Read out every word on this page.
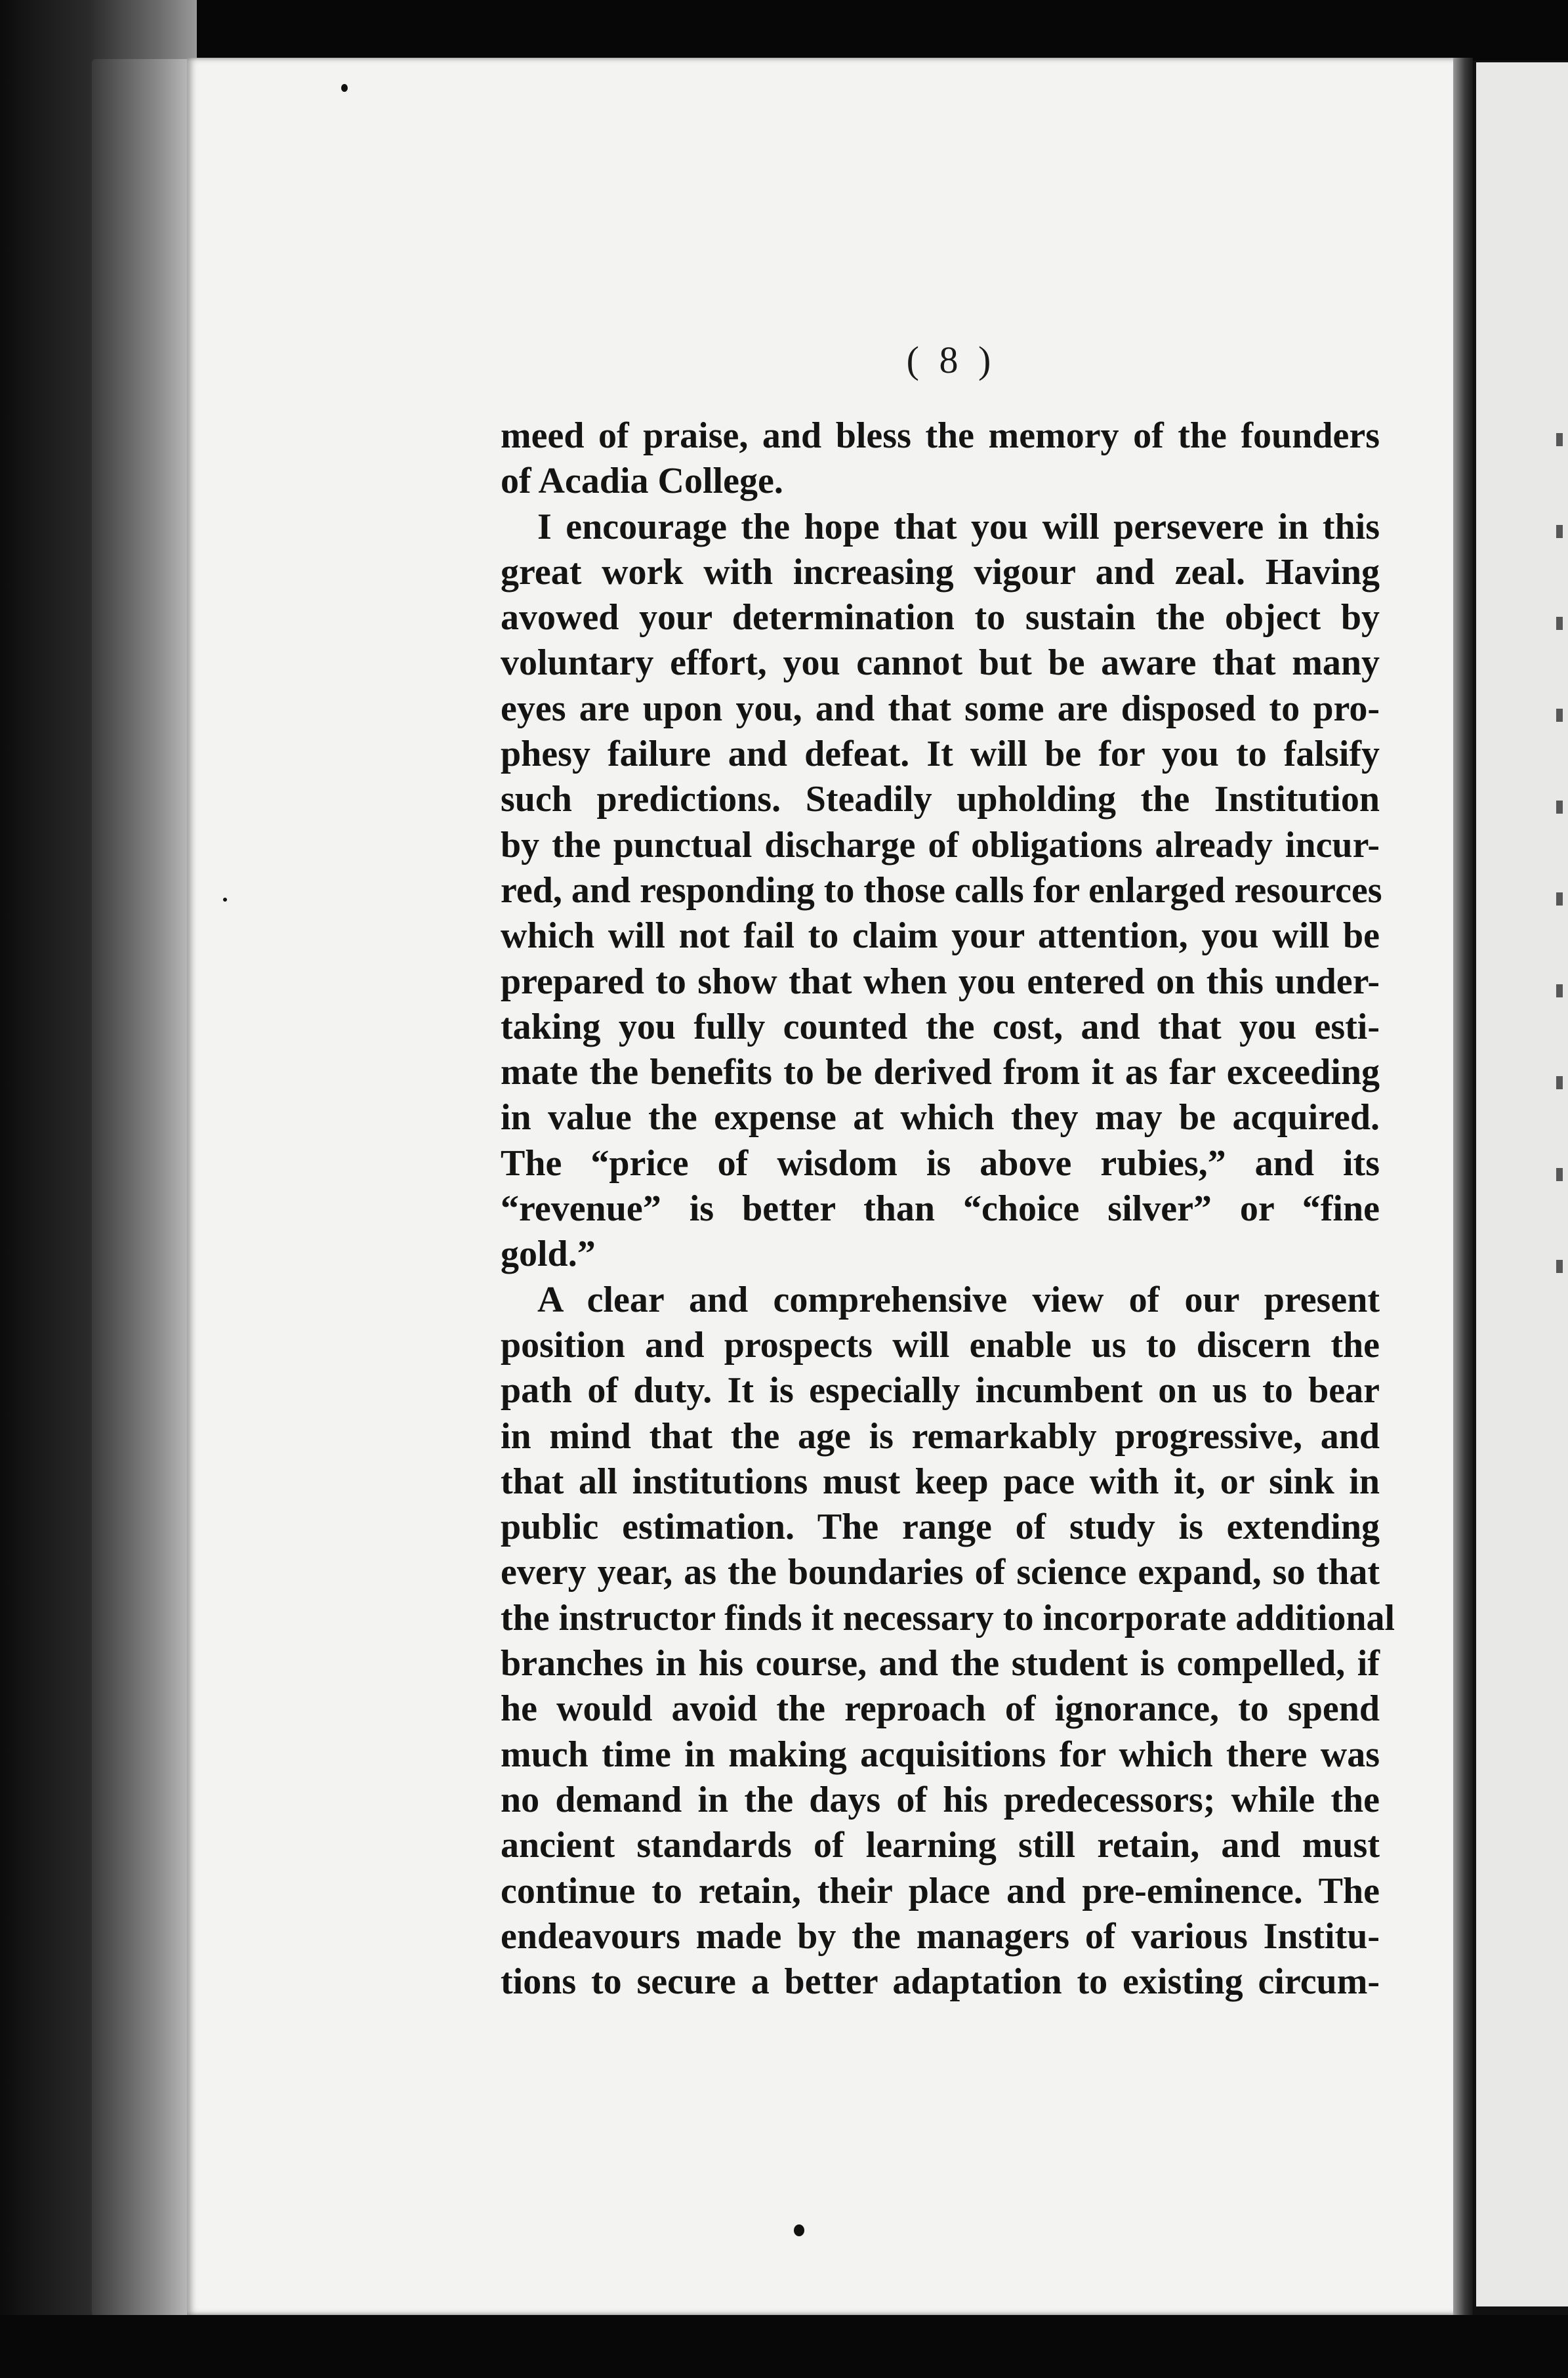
( 8 )
meed of praise, and bless the memory of the founders
of Acadia College.
I encourage the hope that you will persevere in this
great work with increasing vigour and zeal. Having
avowed your determination to sustain the object by
voluntary effort, you cannot but be aware that many
eyes are upon you, and that some are disposed to pro-
phesy failure and defeat. It will be for you to falsify
such predictions. Steadily upholding the Institution
by the punctual discharge of obligations already incur-
red, and responding to those calls for enlarged resources
which will not fail to claim your attention, you will be
prepared to show that when you entered on this under-
taking you fully counted the cost, and that you esti-
mate the benefits to be derived from it as far exceeding
in value the expense at which they may be acquired.
The “price of wisdom is above rubies,” and its
“revenue” is better than “choice silver” or “fine
gold.”
A clear and comprehensive view of our present
position and prospects will enable us to discern the
path of duty. It is especially incumbent on us to bear
in mind that the age is remarkably progressive, and
that all institutions must keep pace with it, or sink in
public estimation. The range of study is extending
every year, as the boundaries of science expand, so that
the instructor finds it necessary to incorporate additional
branches in his course, and the student is compelled, if
he would avoid the reproach of ignorance, to spend
much time in making acquisitions for which there was
no demand in the days of his predecessors; while the
ancient standards of learning still retain, and must
continue to retain, their place and pre-eminence. The
endeavours made by the managers of various Institu-
tions to secure a better adaptation to existing circum-
